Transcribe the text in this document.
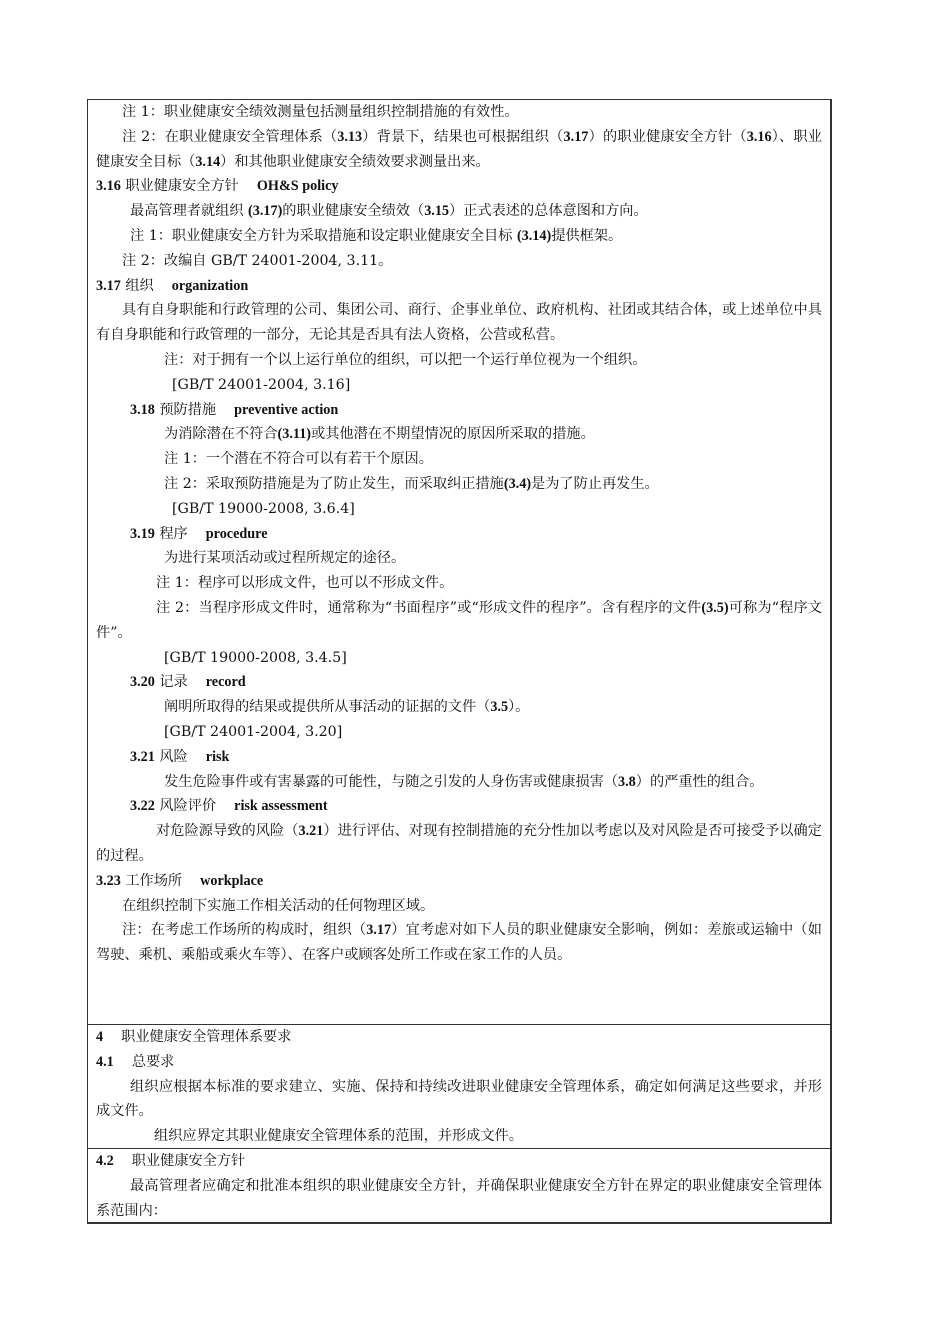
注 1：职业健康安全绩效测量包括测量组织控制措施的有效性。

注 2：在职业健康安全管理体系（3.13）背景下，结果也可根据组织（3.17）的职业健康安全方针（3.16）、职业健康安全目标（3.14）和其他职业健康安全绩效要求测量出来。

3.16 职业健康安全方针 OH&S policy

最高管理者就组织 (3.17)的职业健康安全绩效（3.15）正式表述的总体意图和方向。

注 1：职业健康安全方针为采取措施和设定职业健康安全目标 (3.14)提供框架。

注 2：改编自 GB/T 24001-2004, 3.11。

3.17 组织 organization

具有自身职能和行政管理的公司、集团公司、商行、企事业单位、政府机构、社团或其结合体，或上述单位中具有自身职能和行政管理的一部分，无论其是否具有法人资格，公营或私营。

注：对于拥有一个以上运行单位的组织，可以把一个运行单位视为一个组织。

[GB/T 24001-2004, 3.16]

3.18 预防措施 preventive action

为消除潜在不符合(3.11)或其他潜在不期望情况的原因所采取的措施。

注 1：一个潜在不符合可以有若干个原因。

注 2：采取预防措施是为了防止发生，而采取纠正措施(3.4)是为了防止再发生。

[GB/T 19000-2008, 3.6.4]

3.19 程序 procedure

为进行某项活动或过程所规定的途径。

注 1：程序可以形成文件，也可以不形成文件。

注 2：当程序形成文件时，通常称为“书面程序”或“形成文件的程序”。含有程序的文件(3.5)可称为“程序文件”。

[GB/T 19000-2008, 3.4.5]

3.20 记录 record

阐明所取得的结果或提供所从事活动的证据的文件（3.5）。

[GB/T 24001-2004, 3.20]

3.21 风险 risk

发生危险事件或有害暴露的可能性，与随之引发的人身伤害或健康损害（3.8）的严重性的组合。

3.22 风险评价 risk assessment

对危险源导致的风险（3.21）进行评估、对现有控制措施的充分性加以考虑以及对风险是否可接受予以确定的过程。

3.23 工作场所 workplace

在组织控制下实施工作相关活动的任何物理区域。

注：在考虑工作场所的构成时，组织（3.17）宜考虑对如下人员的职业健康安全影响，例如：差旅或运输中（如驾驶、乘机、乘船或乘火车等）、在客户或顾客处所工作或在家工作的人员。

4 职业健康安全管理体系要求

4.1 总要求

组织应根据本标准的要求建立、实施、保持和持续改进职业健康安全管理体系，确定如何满足这些要求，并形成文件。

组织应界定其职业健康安全管理体系的范围，并形成文件。

4.2 职业健康安全方针

最高管理者应确定和批准本组织的职业健康安全方针，并确保职业健康安全方针在界定的职业健康安全管理体系范围内：
